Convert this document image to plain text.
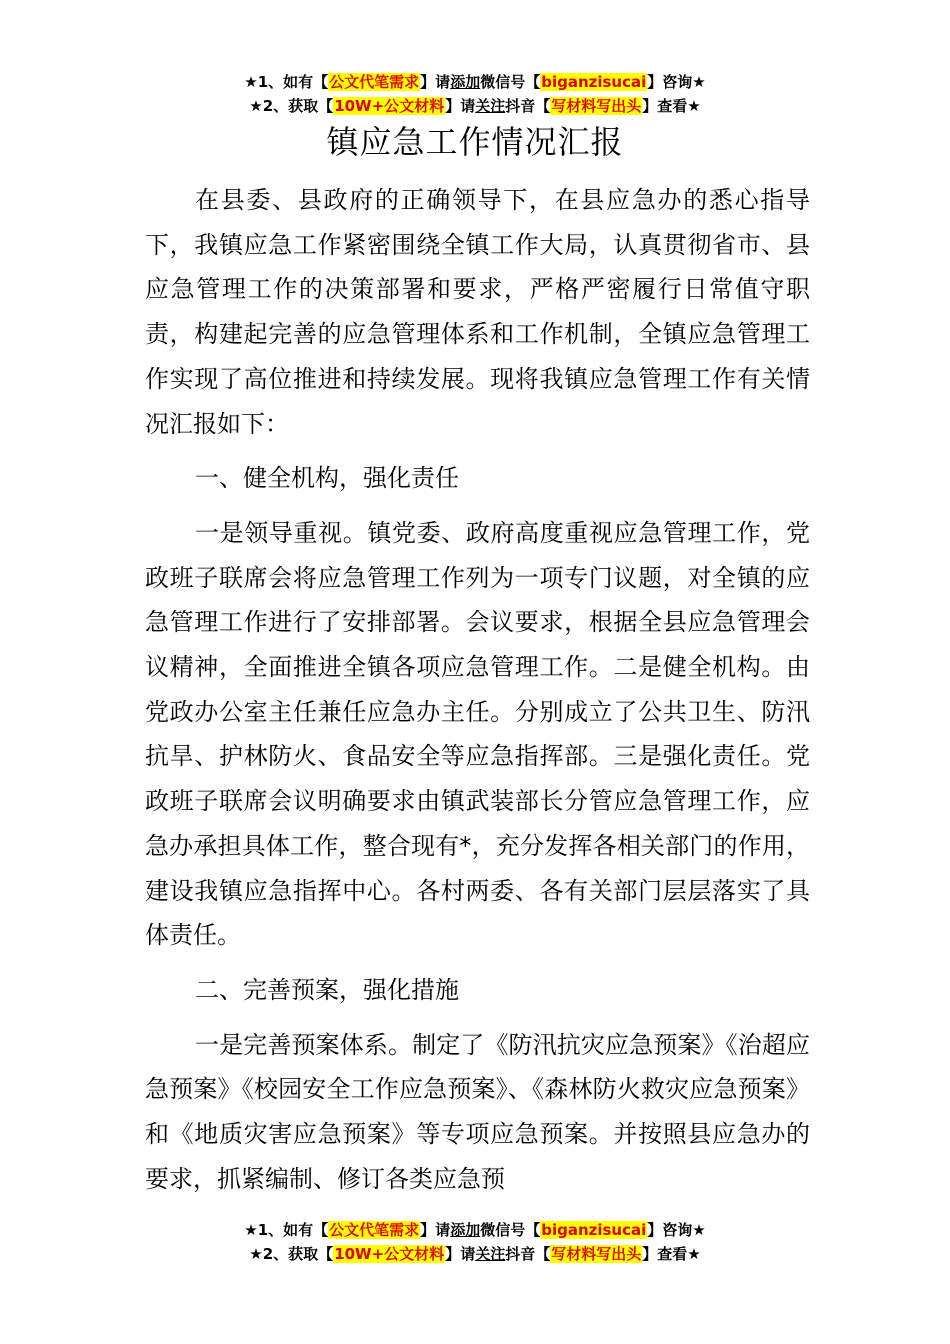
★1、如有【公文代笔需求】请添加微信号【biganzisucai】咨询★
★2、获取【10W+公文材料】请关注抖音【写材料写出头】查看★
镇应急工作情况汇报

在县委、县政府的正确领导下，在县应急办的悉心指导下，我镇应急工作紧密围绕全镇工作大局，认真贯彻省市、县应急管理工作的决策部署和要求，严格严密履行日常值守职责，构建起完善的应急管理体系和工作机制，全镇应急管理工作实现了高位推进和持续发展。现将我镇应急管理工作有关情况汇报如下：

一、健全机构，强化责任

一是领导重视。镇党委、政府高度重视应急管理工作，党政班子联席会将应急管理工作列为一项专门议题，对全镇的应急管理工作进行了安排部署。会议要求，根据全县应急管理会议精神，全面推进全镇各项应急管理工作。二是健全机构。由党政办公室主任兼任应急办主任。分别成立了公共卫生、防汛抗旱、护林防火、食品安全等应急指挥部。三是强化责任。党政班子联席会议明确要求由镇武装部长分管应急管理工作，应急办承担具体工作，整合现有*，充分发挥各相关部门的作用，建设我镇应急指挥中心。各村两委、各有关部门层层落实了具体责任。

二、完善预案，强化措施

一是完善预案体系。制定了《防汛抗灾应急预案》《治超应急预案》《校园安全工作应急预案》、《森林防火救灾应急预案》和《地质灾害应急预案》等专项应急预案。并按照县应急办的要求，抓紧编制、修订各类应急预

★1、如有【公文代笔需求】请添加微信号【biganzisucai】咨询★
★2、获取【10W+公文材料】请关注抖音【写材料写出头】查看★
